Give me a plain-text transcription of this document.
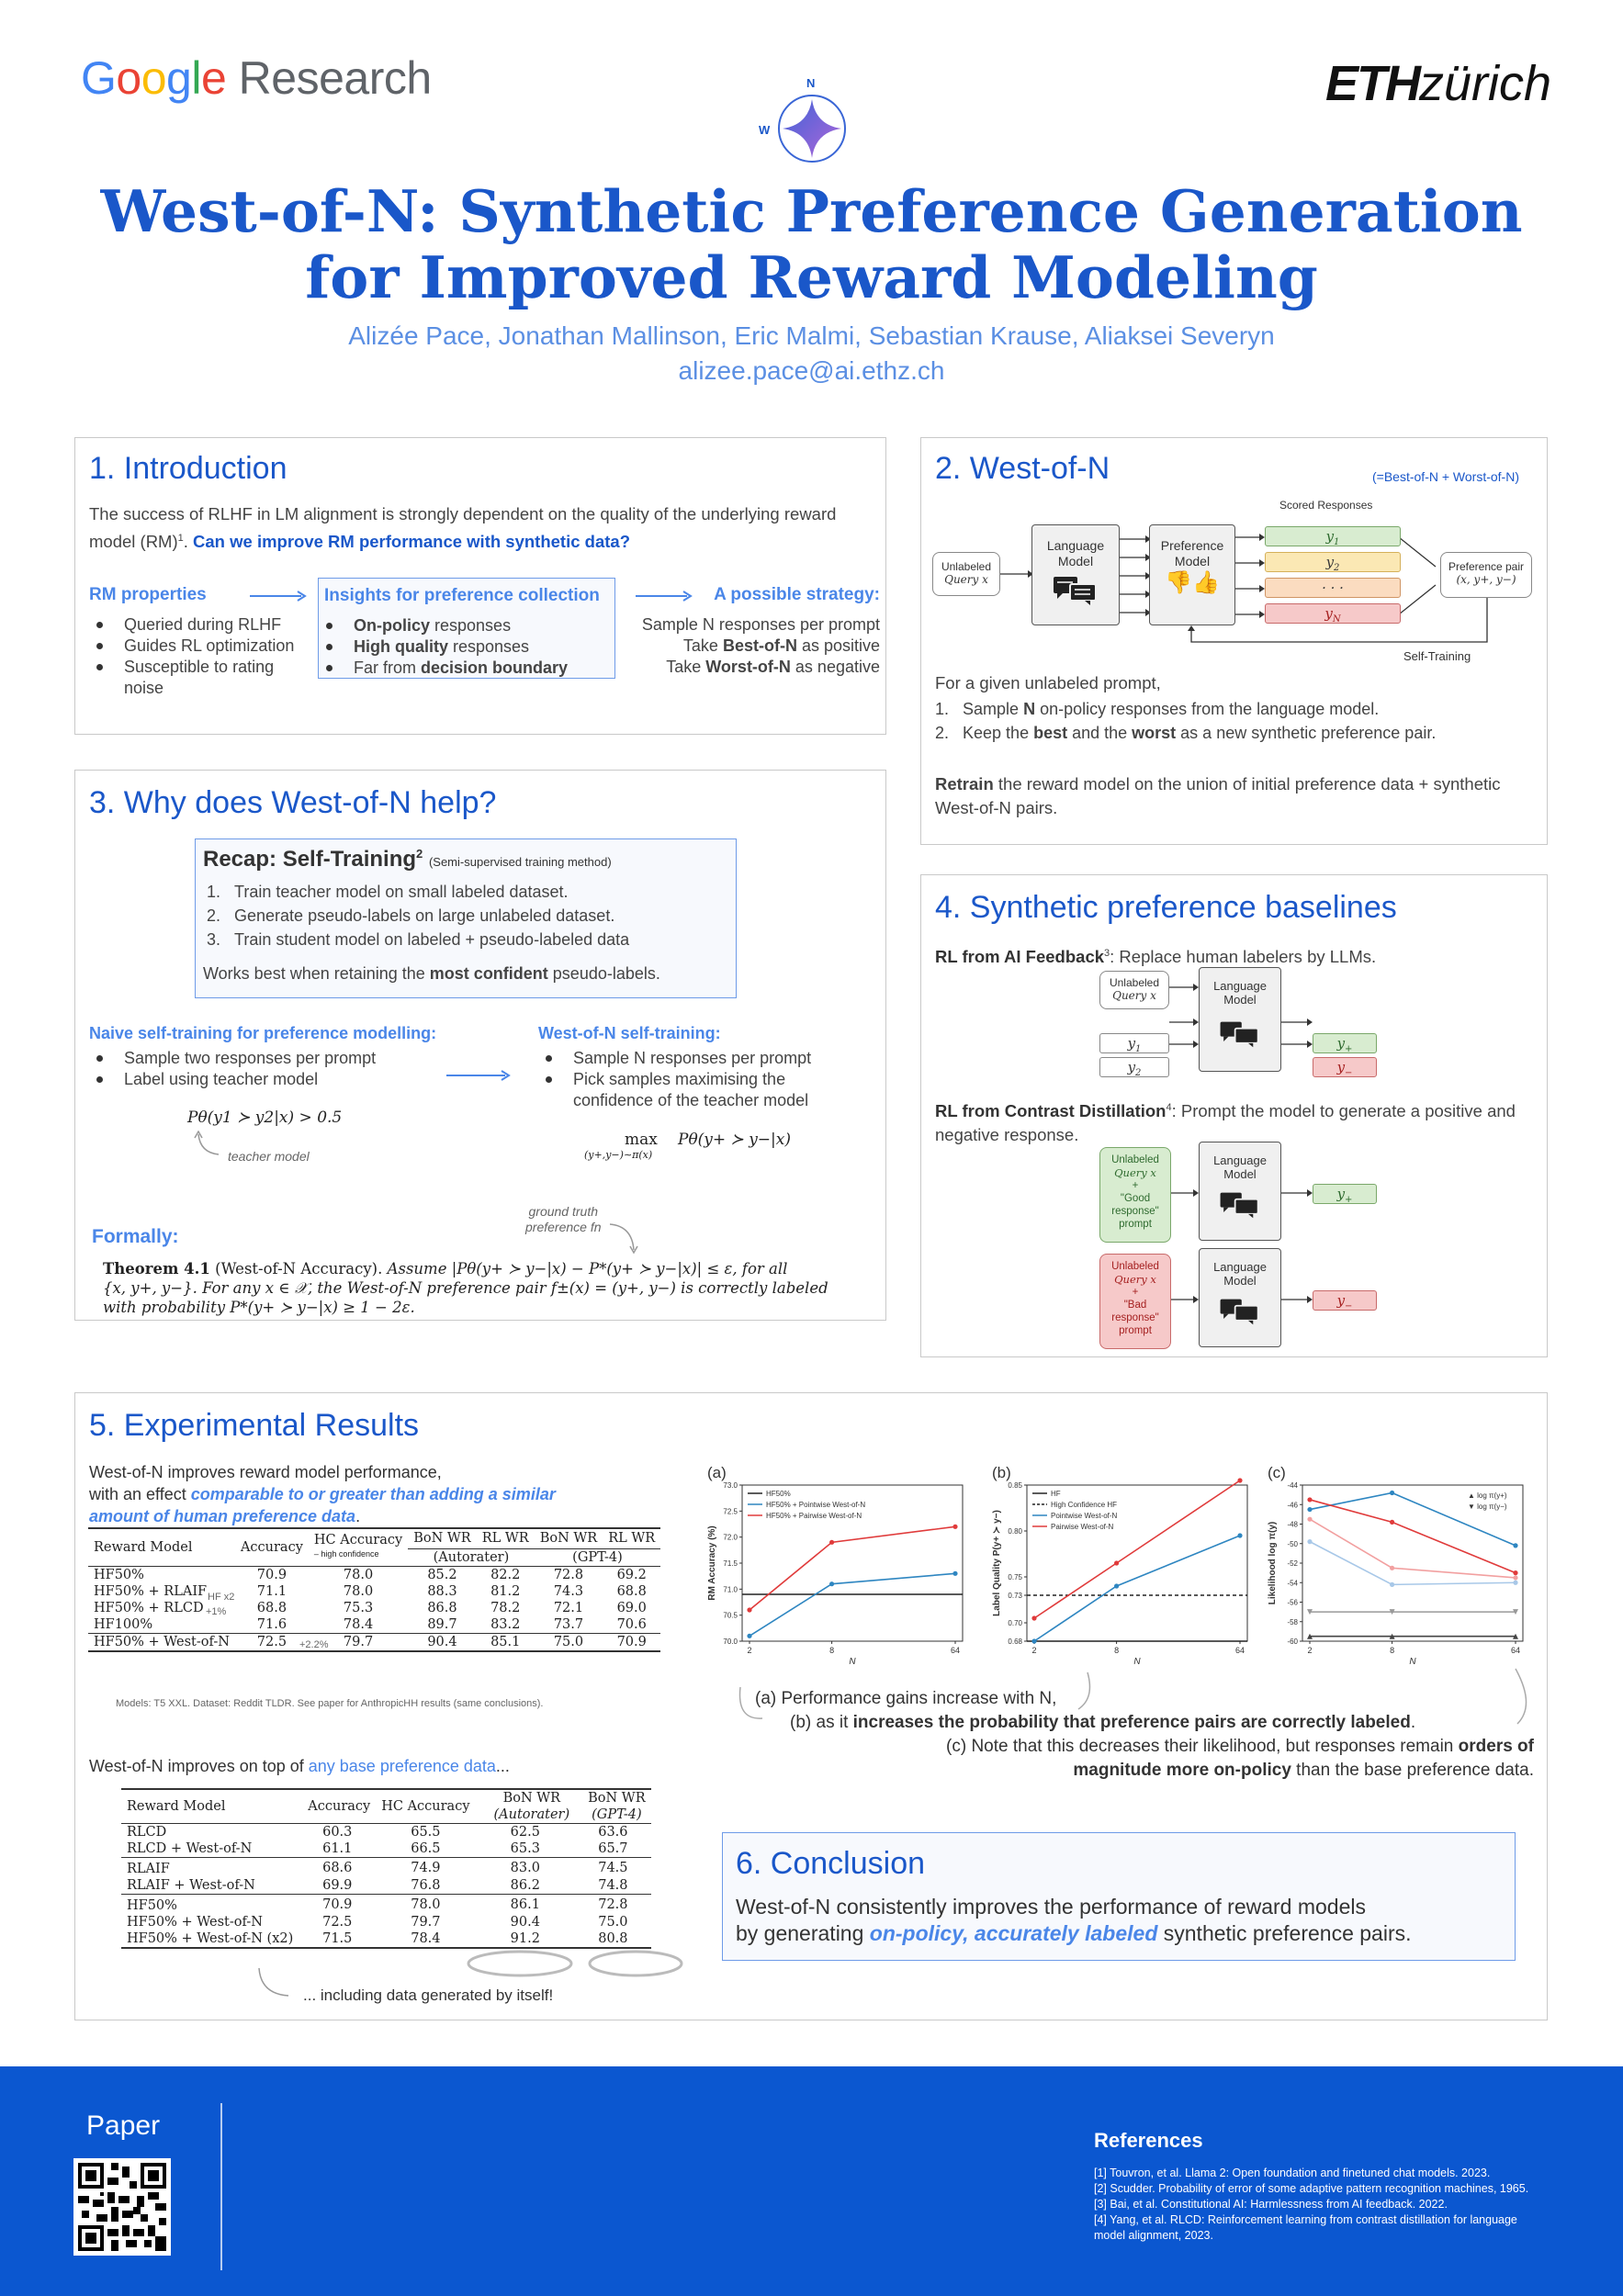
Google Research	ETHzürich
N
W
West-of-N: Synthetic Preference Generation
for Improved Reward Modeling
Alizée Pace, Jonathan Mallinson, Eric Malmi, Sebastian Krause, Aliaksei Severyn
alizee.pace@ai.ethz.ch
1. Introduction
The success of RLHF in LM alignment is strongly dependent on the quality of the underlying reward model (RM)$^1$. Can we improve RM performance with synthetic data?
RM properties
Queried during RLHF
Guides RL optimization
Susceptible to rating noise
Insights for preference collection
On-policy responses
High quality responses
Far from decision boundary
A possible strategy:
Sample N responses per prompt
Take Best-of-N as positive
Take Worst-of-N as negative
2. West-of-N	(=Best-of-N + Worst-of-N)
Scored Responses
Unlabeled
Query x
Language
Model
Preference
Model
👎👍
$y_1$
$y_2$
· · ·
$y_N$
Preference pair
(x, y+, y−)
Self-Training
For a given unlabeled prompt,
1.   Sample N on-policy responses from the language model.
2.   Keep the best and the worst as a new synthetic preference pair.
Retrain the reward model on the union of initial preference data + synthetic West-of-N pairs.
3. Why does West-of-N help?
Recap: Self-Training$^2$ (Semi-supervised training method)
1.   Train teacher model on small labeled dataset.
2.   Generate pseudo-labels on large unlabeled dataset.
3.   Train student model on labeled + pseudo-labeled data
Works best when retaining the most confident pseudo-labels.
Naive self-training for preference modelling:
Sample two responses per prompt
Label using teacher model
Pθ(y1 ≻ y2|x) > 0.5
teacher model
West-of-N self-training:
Sample N responses per prompt
Pick samples maximising the confidence of the teacher model
max
(y+,y−)∼π(x)
Pθ(y+ ≻ y−|x)
ground truth
preference fn
Formally:
Theorem 4.1 (West-of-N Accuracy). Assume |Pθ(y+ ≻ y−|x) − P*(y+ ≻ y−|x)| ≤ ε, for all
{x, y+, y−}. For any x ∈ 𝒳, the West-of-N preference pair f±(x) = (y+, y−) is correctly labeled
with probability P*(y+ ≻ y−|x) ≥ 1 − 2ε.
4. Synthetic preference baselines
RL from AI Feedback$^3$: Replace human labelers by LLMs.
Unlabeled
Query x
$y_1$
$y_2$
Language
Model
$y_+$
$y_-$
RL from Contrast Distillation$^4$: Prompt the model to generate a positive and negative response.
Unlabeled
Query x
+
"Good
response"
prompt
Language
Model
$y_+$
Unlabeled
Query x
+
"Bad
response"
prompt
Language
Model
$y_-$
5. Experimental Results
West-of-N improves reward model performance,
with an effect comparable to or greater than adding a similar amount of human preference data.
Reward Model	Accuracy	HC Accuracy	BoN WR	RL WR	BoN WR	RL WR
		– high confidence	(Autorater)		(GPT-4)	
HF50%	70.9	78.0	85.2	82.2	72.8	69.2
HF50% + RLAIF	71.1	78.0	88.3	81.2	74.3	68.8
HF50% + RLCD	68.8	75.3	86.8	78.2	72.1	69.0
HF100%	71.6	78.4	89.7	83.2	73.7	70.6
HF50% + West-of-N	72.5	79.7	90.4	85.1	75.0	70.9
HF x2
+1%
+2.2%
Models: T5 XXL. Dataset: Reddit TLDR. See paper for AnthropicHH results (same conclusions).
West-of-N improves on top of any base preference data...
Reward Model	Accuracy	HC Accuracy	BoN WR	BoN WR
			(Autorater)	(GPT-4)
RLCD	60.3	65.5	62.5	63.6
RLCD + West-of-N	61.1	66.5	65.3	65.7
RLAIF	68.6	74.9	83.0	74.5
RLAIF + West-of-N	69.9	76.8	86.2	74.8
HF50%	70.9	78.0	86.1	72.8
HF50% + West-of-N	72.5	79.7	90.4	75.0
HF50% + West-of-N (x2)	71.5	78.4	91.2	80.8
... including data generated by itself!
(a)
70.0
70.5
71.0
71.5
72.0
72.5
73.0
2	8	64
N
RM Accuracy (%)
HF50%
HF50% + Pointwise West-of-N
HF50% + Pairwise West-of-N
(b)
0.68
0.70
0.73
0.75
0.80
0.85
2	8	64
N
Label Quality P(y+ ≻ y−)
HF
High Confidence HF
Pointwise West-of-N
Pairwise West-of-N
(c)
-44
-46
-48
-50
-52
-54
-56
-58
-60
2	8	64
N
Likelihood log π(y)
▲ log π(y+)
▼ log π(y−)
(a) Performance gains increase with N,
(b) as it increases the probability that preference pairs are correctly labeled.
(c) Note that this decreases their likelihood, but responses remain orders of magnitude more on-policy than the base preference data.
6. Conclusion
West-of-N consistently improves the performance of reward models
by generating on-policy, accurately labeled synthetic preference pairs.
Paper	References
[1] Touvron, et al. Llama 2: Open foundation and finetuned chat models. 2023.
[2] Scudder. Probability of error of some adaptive pattern recognition machines, 1965.
[3] Bai, et al. Constitutional AI: Harmlessness from AI feedback. 2022.
[4] Yang, et al. RLCD: Reinforcement learning from contrast distillation for language
model alignment, 2023.
